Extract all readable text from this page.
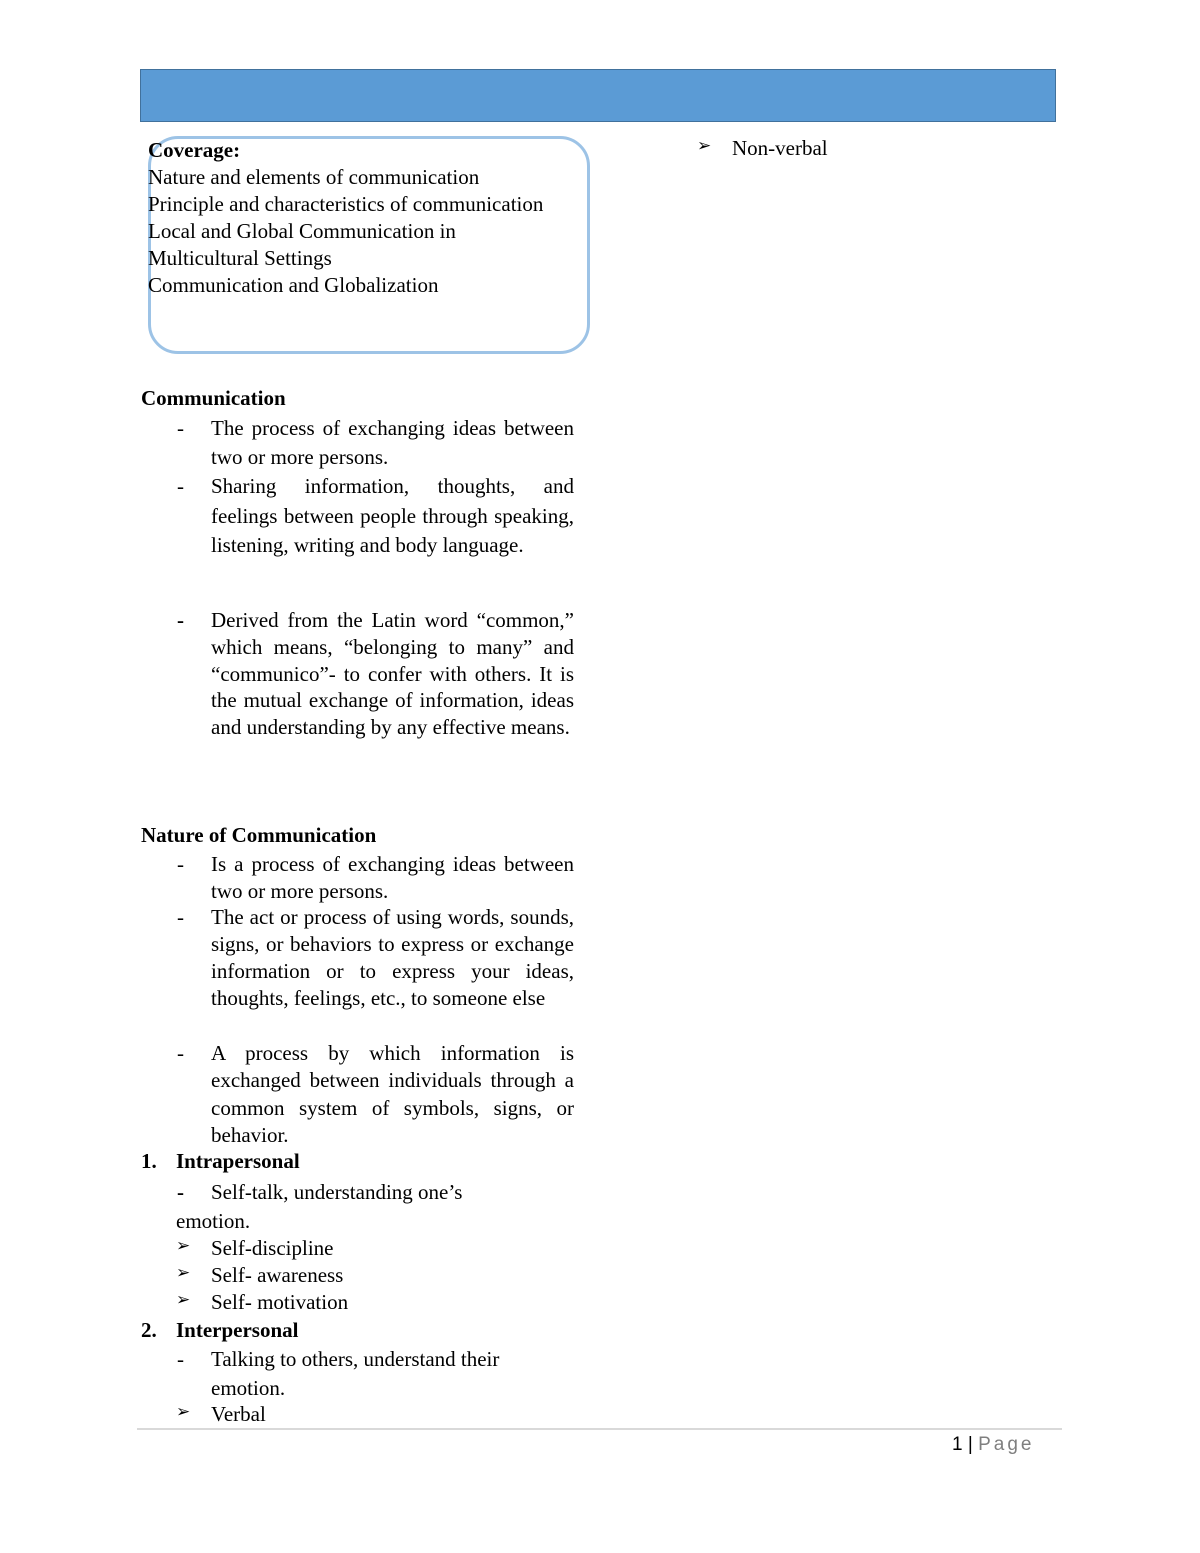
Coverage:
Nature and elements of communication
Principle and characteristics of communication
Local and Global Communication in
Multicultural Settings
Communication and Globalization
Communication
- The process of exchanging ideas between two or more persons.
- Sharing information, thoughts, and feelings between people through speaking, listening, writing and body language.
- Derived from the Latin word “common,” which means, “belonging to many” and “communico”- to confer with others. It is the mutual exchange of information, ideas and understanding by any effective means.
Nature of Communication
- Is a process of exchanging ideas between two or more persons.
- The act or process of using words, sounds, signs, or behaviors to express or exchange information or to express your ideas, thoughts, feelings, etc., to someone else
- A process by which information is exchanged between individuals through a common system of symbols, signs, or behavior.
1. Intrapersonal
- Self-talk, understanding one’s
emotion.
➢ Self-discipline
➢ Self- awareness
➢ Self- motivation
2. Interpersonal
- Talking to others, understand their emotion.
➢ Verbal
➢ Non-verbal
1 | Page
